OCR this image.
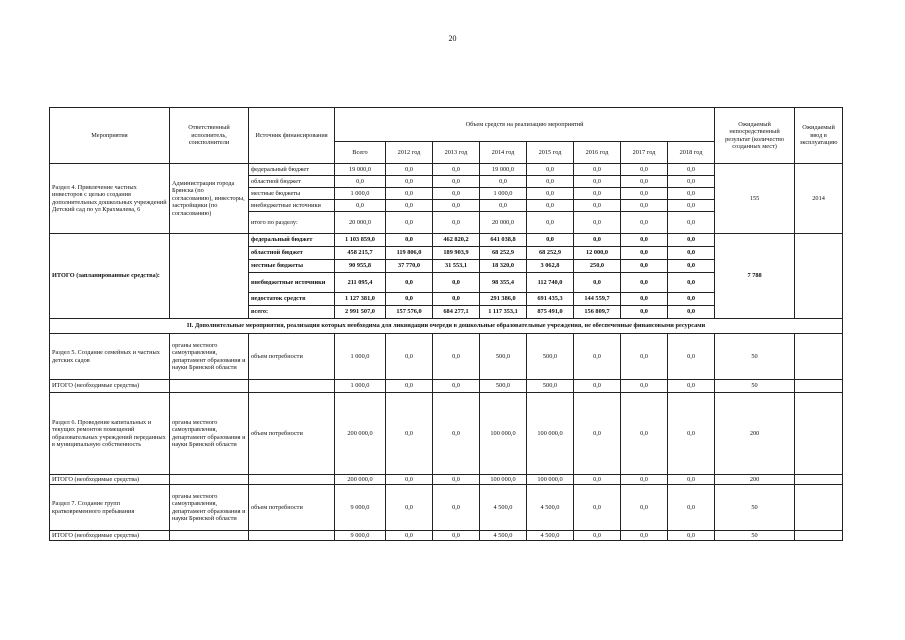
20
Мероприятия	Ответственный исполнитель, соисполнители	Источник финансирования	Объем средств на реализацию мероприятий								Ожидаемый непосредственный результат (количество созданных мест)	Ожидаемый ввод в эксплуатацию
			Всего	2012 год	2013 год	2014 год	2015 год	2016 год	2017 год	2018 год		
Раздел 4. Привлечение частных инвесторов с целью создания дополнительных дошкольных учреждений Детский сад по ул Крахмалева, 6	Администрация города Брянска (по согласованию), инвесторы, застройщики (по согласованию)	федеральный бюджет	19 000,0	0,0	0,0	19 000,0	0,0	0,0	0,0	0,0	155	2014
		областной бюджет	0,0	0,0	0,0	0,0	0,0	0,0	0,0	0,0		
		местные бюджеты	1 000,0	0,0	0,0	1 000,0	0,0	0,0	0,0	0,0		
		внебюджетные источники	0,0	0,0	0,0	0,0	0,0	0,0	0,0	0,0		
		итого по разделу:	20 000,0	0,0	0,0	20 000,0	0,0	0,0	0,0	0,0		
ИТОГО (запланированные средства):		федеральный бюджет	1 103 859,0	0,0	462 820,2	641 038,8	0,0	0,0	0,0	0,0	7 788	
		областной бюджет	458 215,7	119 806,0	189 903,9	68 252,9	68 252,9	12 000,0	0,0	0,0		
		местные бюджеты	90 955,8	37 770,0	31 553,1	18 320,0	3 062,8	250,0	0,0	0,0		
		внебюджетные источники	211 095,4	0,0	0,0	98 355,4	112 740,0	0,0	0,0	0,0		
		недостаток средств	1 127 381,0	0,0	0,0	291 386,0	691 435,3	144 559,7	0,0	0,0		
		всего:	2 991 507,0	157 576,0	684 277,1	1 117 353,1	875 491,0	156 809,7	0,0	0,0		
II. Дополнительные мероприятия, реализация которых необходима для ликвидации очереди в дошкольные образовательные учреждения, не обеспеченные финансовыми ресурсами												
Раздел 5. Создание семейных и частных детских садов	органы местного самоуправления, департамент образования и науки Брянской области	объем потребности	1 000,0	0,0	0,0	500,0	500,0	0,0	0,0	0,0	50	
ИТОГО (необходимые средства)			1 000,0	0,0	0,0	500,0	500,0	0,0	0,0	0,0	50	
Раздел 6. Проведение капитальных и текущих ремонтов помещений образовательных учреждений переданных в муниципальную собственность	органы местного самоуправления, департамент образования и науки Брянской области	объем потребности	200 000,0	0,0	0,0	100 000,0	100 000,0	0,0	0,0	0,0	200	
ИТОГО (необходимые средства)			200 000,0	0,0	0,0	100 000,0	100 000,0	0,0	0,0	0,0	200	
Раздел 7. Создание групп кратковременного пребывания	органы местного самоуправления, департамент образования и науки Брянской области	объем потребности	9 000,0	0,0	0,0	4 500,0	4 500,0	0,0	0,0	0,0	50	
ИТОГО (необходимые средства)			9 000,0	0,0	0,0	4 500,0	4 500,0	0,0	0,0	0,0	50	
